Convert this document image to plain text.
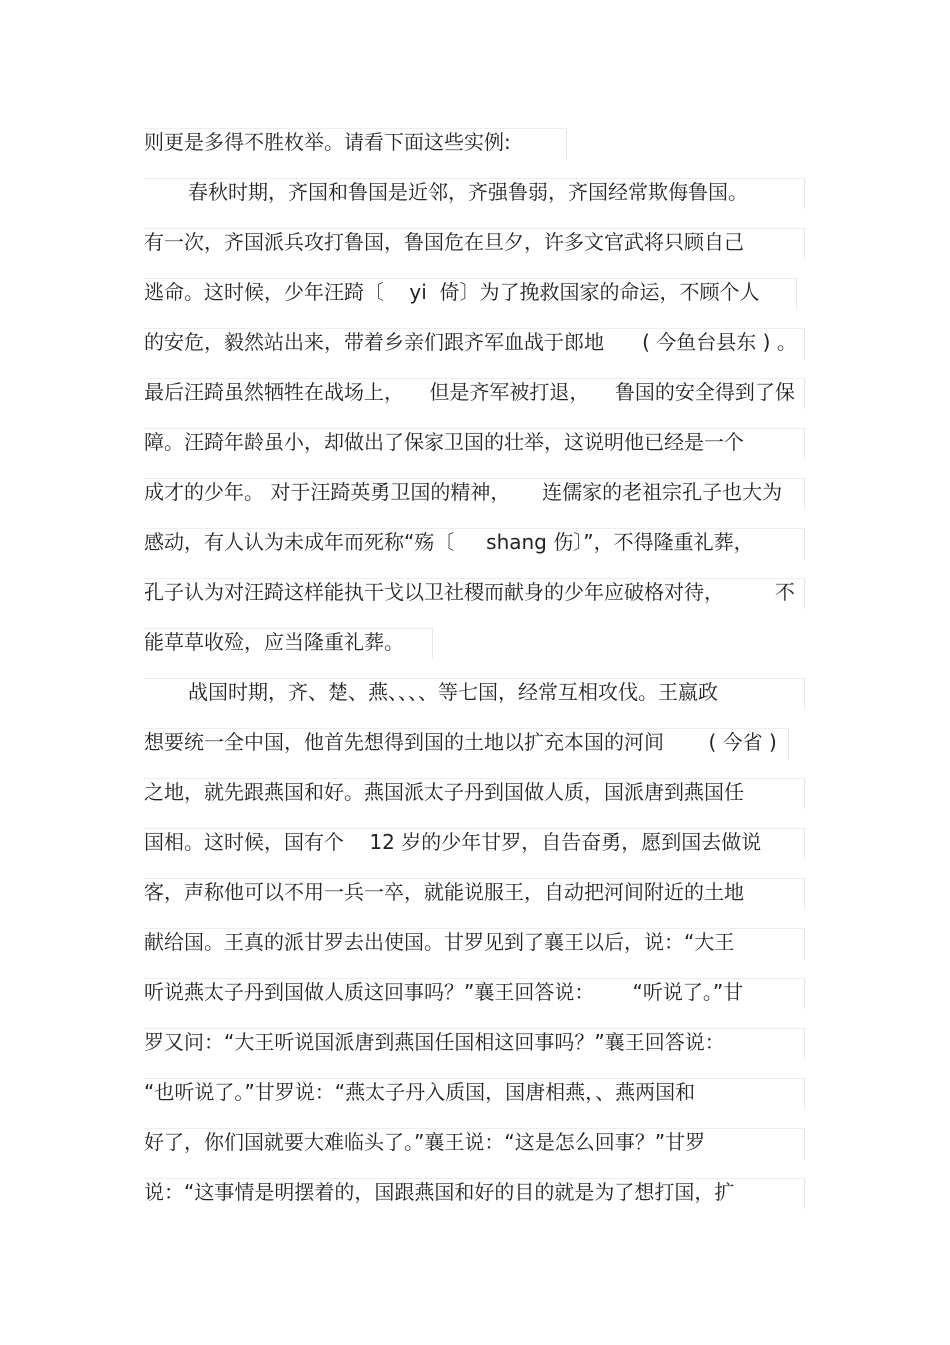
则更是多得不胜枚举。请看下面这些实例:
春秋时期，齐国和鲁国是近邻，齐强鲁弱，齐国经常欺侮鲁国。
有一次，齐国派兵攻打鲁国，鲁国危在旦夕，许多文官武将只顾自己
逃命。这时候，少年汪踦〔    yi  倚〕为了挽救国家的命运，不顾个人
的安危，毅然站出来，带着乡亲们跟齐军血战于郎地      ( 今鱼台县东 ) 。
最后汪踦虽然牺牲在战场上，    但是齐军被打退，    鲁国的安全得到了保
障。汪踦年龄虽小，却做出了保家卫国的壮举，这说明他已经是一个
成才的少年。 对于汪踦英勇卫国的精神，     连儒家的老祖宗孔子也大为
感动，有人认为未成年而死称“殇〔     shang 伤〕”，不得隆重礼葬，
孔子认为对汪踦这样能执干戈以卫社稷而献身的少年应破格对待，        不
能草草收殓，应当隆重礼葬。
战国时期，齐、楚、燕、、、、等七国，经常互相攻伐。王嬴政
想要统一全中国，他首先想得到国的土地以扩充本国的河间       ( 今省 )
之地，就先跟燕国和好。燕国派太子丹到国做人质，国派唐到燕国任
国相。这时候，国有个    12 岁的少年甘罗，自告奋勇，愿到国去做说
客，声称他可以不用一兵一卒，就能说服王，自动把河间附近的土地
献给国。王真的派甘罗去出使国。甘罗见到了襄王以后，说：“大王
听说燕太子丹到国做人质这回事吗？”襄王回答说：      “听说了。”甘
罗又问：“大王听说国派唐到燕国任国相这回事吗？”襄王回答说：
“也听说了。”甘罗说：“燕太子丹入质国，国唐相燕，、燕两国和
好了，你们国就要大难临头了。”襄王说：“这是怎么回事？”甘罗
说：“这事情是明摆着的，国跟燕国和好的目的就是为了想打国，扩
